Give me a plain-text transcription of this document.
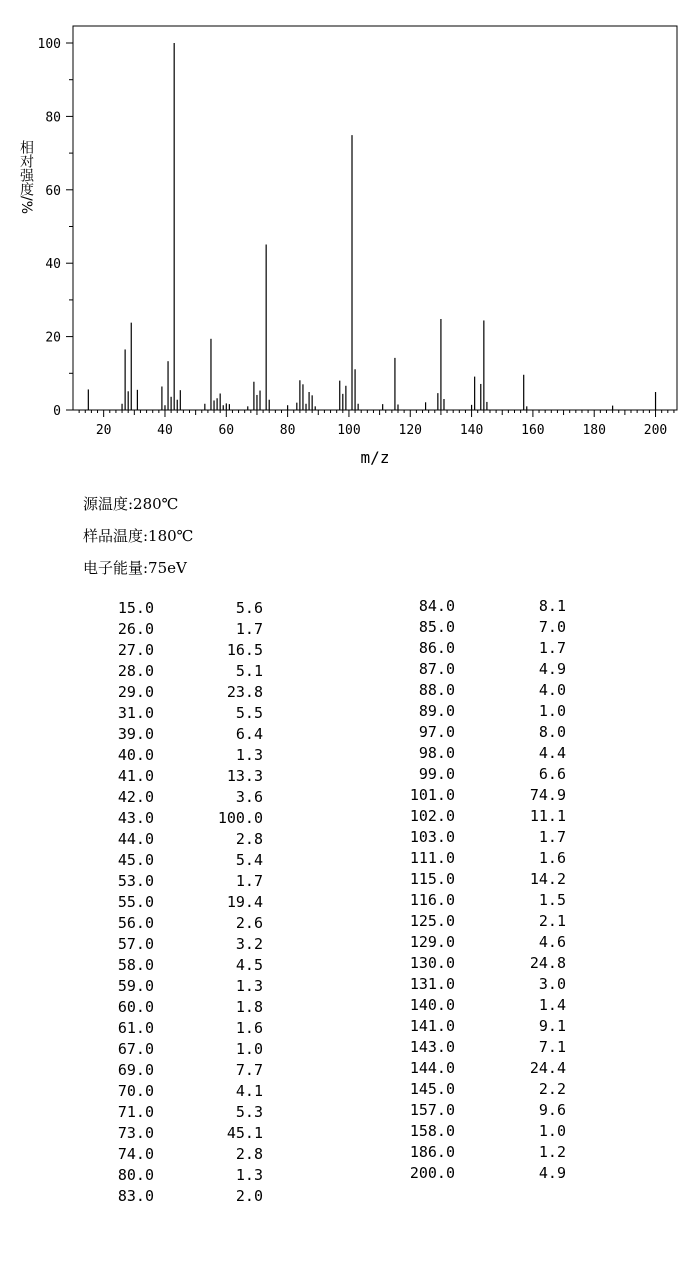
0
20
40
60
80
100
20	40	60	80	100	120	140	160	180	200
m/z
相对强度/%
源温度:280℃
样品温度:180℃
电子能量:75eV
15.0	5.6
26.0	1.7
27.0	16.5
28.0	5.1
29.0	23.8
31.0	5.5
39.0	6.4
40.0	1.3
41.0	13.3
42.0	3.6
43.0	100.0
44.0	2.8
45.0	5.4
53.0	1.7
55.0	19.4
56.0	2.6
57.0	3.2
58.0	4.5
59.0	1.3
60.0	1.8
61.0	1.6
67.0	1.0
69.0	7.7
70.0	4.1
71.0	5.3
73.0	45.1
74.0	2.8
80.0	1.3
83.0	2.0
84.0	8.1
85.0	7.0
86.0	1.7
87.0	4.9
88.0	4.0
89.0	1.0
97.0	8.0
98.0	4.4
99.0	6.6
101.0	74.9
102.0	11.1
103.0	1.7
111.0	1.6
115.0	14.2
116.0	1.5
125.0	2.1
129.0	4.6
130.0	24.8
131.0	3.0
140.0	1.4
141.0	9.1
143.0	7.1
144.0	24.4
145.0	2.2
157.0	9.6
158.0	1.0
186.0	1.2
200.0	4.9
